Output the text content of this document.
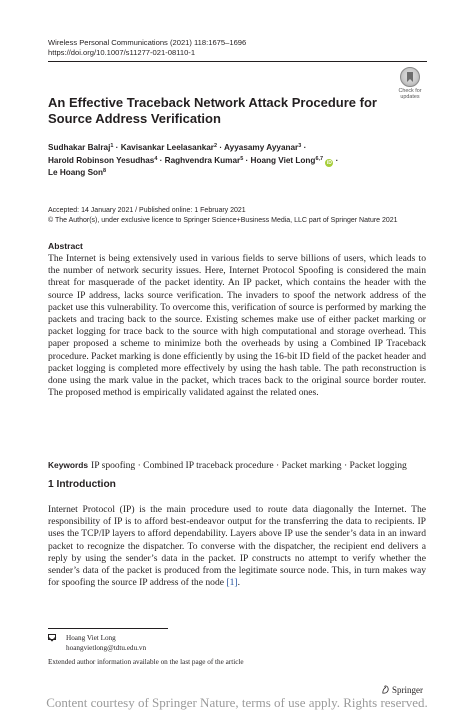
Wireless Personal Communications (2021) 118:1675–1696
https://doi.org/10.1007/s11277-021-08110-1
Check for
updates
An Effective Traceback Network Attack Procedure for Source Address Verification
Sudhakar Balraj$^1$ · Kavisankar Leelasankar$^2$ · Ayyasamy Ayyanar$^3$ ·
Harold Robinson Yesudhas$^4$ · Raghvendra Kumar$^5$ · Hoang Viet Long$^{6,7}$ iD ·
Le Hoang Son$^8$
Accepted: 14 January 2021 / Published online: 1 February 2021
© The Author(s), under exclusive licence to Springer Science+Business Media, LLC part of Springer Nature 2021
Abstract
The Internet is being extensively used in various fields to serve billions of users, which leads to the number of network security issues. Here, Internet Protocol Spoofing is considered the main threat for masquerade of the packet identity. An IP packet, which contains the header with the source IP address, lacks source verification. The invaders to spoof the network address of the packet use this vulnerability. To overcome this, verification of source is performed by marking the packets and tracing back to the source. Existing schemes make use of either packet marking or packet logging for trace back to the source with high computational and storage overhead. This paper proposed a scheme to minimize both the overheads by using a Combined IP Traceback procedure. Packet marking is done efficiently by using the 16-bit ID field of the packet header and packet logging is completed more effectively by using the hash table. The path reconstruction is done using the mark value in the packet, which traces back to the original source border router. The proposed method is empirically validated against the related ones.
Keywords IP spoofing · Combined IP traceback procedure · Packet marking · Packet logging
1 Introduction
Internet Protocol (IP) is the main procedure used to route data diagonally the Internet. The responsibility of IP is to afford best-endeavor output for the transferring the data to recipients. IP uses the TCP/IP layers to afford dependability. Layers above IP use the sender’s data in an inward packet to recognize the dispatcher. To converse with the dispatcher, the recipient end delivers a reply by using the sender’s data in the packet. IP constructs no attempt to verify whether the sender’s data of the packet is produced from the legitimate source node. This, in turn makes way for spoofing the source IP address of the node [1].
Hoang Viet Long
hoangvietlong@tdtu.edu.vn
Extended author information available on the last page of the article
Springer
Content courtesy of Springer Nature, terms of use apply. Rights reserved.
